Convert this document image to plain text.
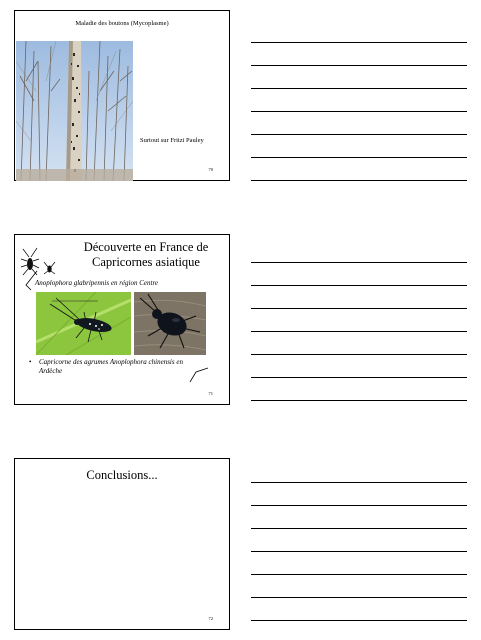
Maladie des boutons (Mycoplasme)
Surtout sur Fritzi Pauley
70
Découverte en France de Capricornes asiatique
Anoplophora glabripennis en région Centre
•	Capricorne des agrumes Anoplophora chinensis en Ardèche
71
Conclusions...
72
